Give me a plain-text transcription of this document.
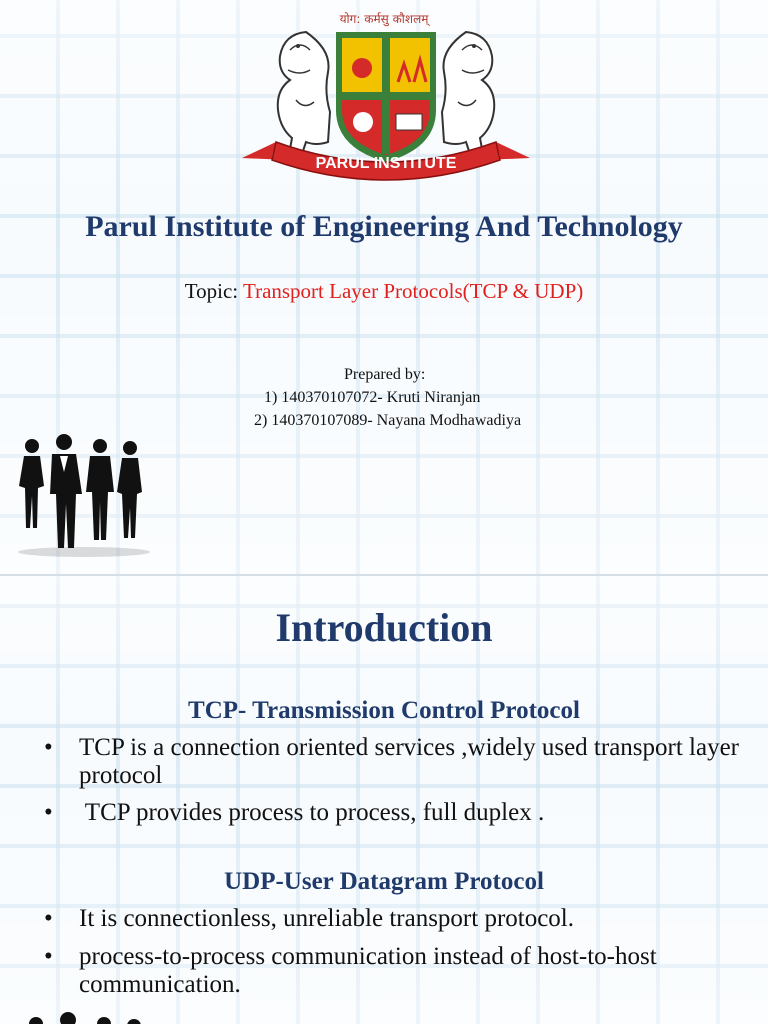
योग: कर्मसु कौशलम्
PARUL INSTITUTE
Parul Institute of Engineering And Technology
Topic: Transport Layer Protocols(TCP & UDP)
Prepared by:
1) 140370107072- Kruti Niranjan
2) 140370107089- Nayana Modhawadiya
Introduction
TCP- Transmission Control Protocol
• TCP is a connection oriented services ,widely used transport layer protocol
• TCP provides process to process, full duplex .
UDP-User Datagram Protocol
• It is connectionless, unreliable transport protocol.
• process-to-process communication instead of host-to-host communication.
